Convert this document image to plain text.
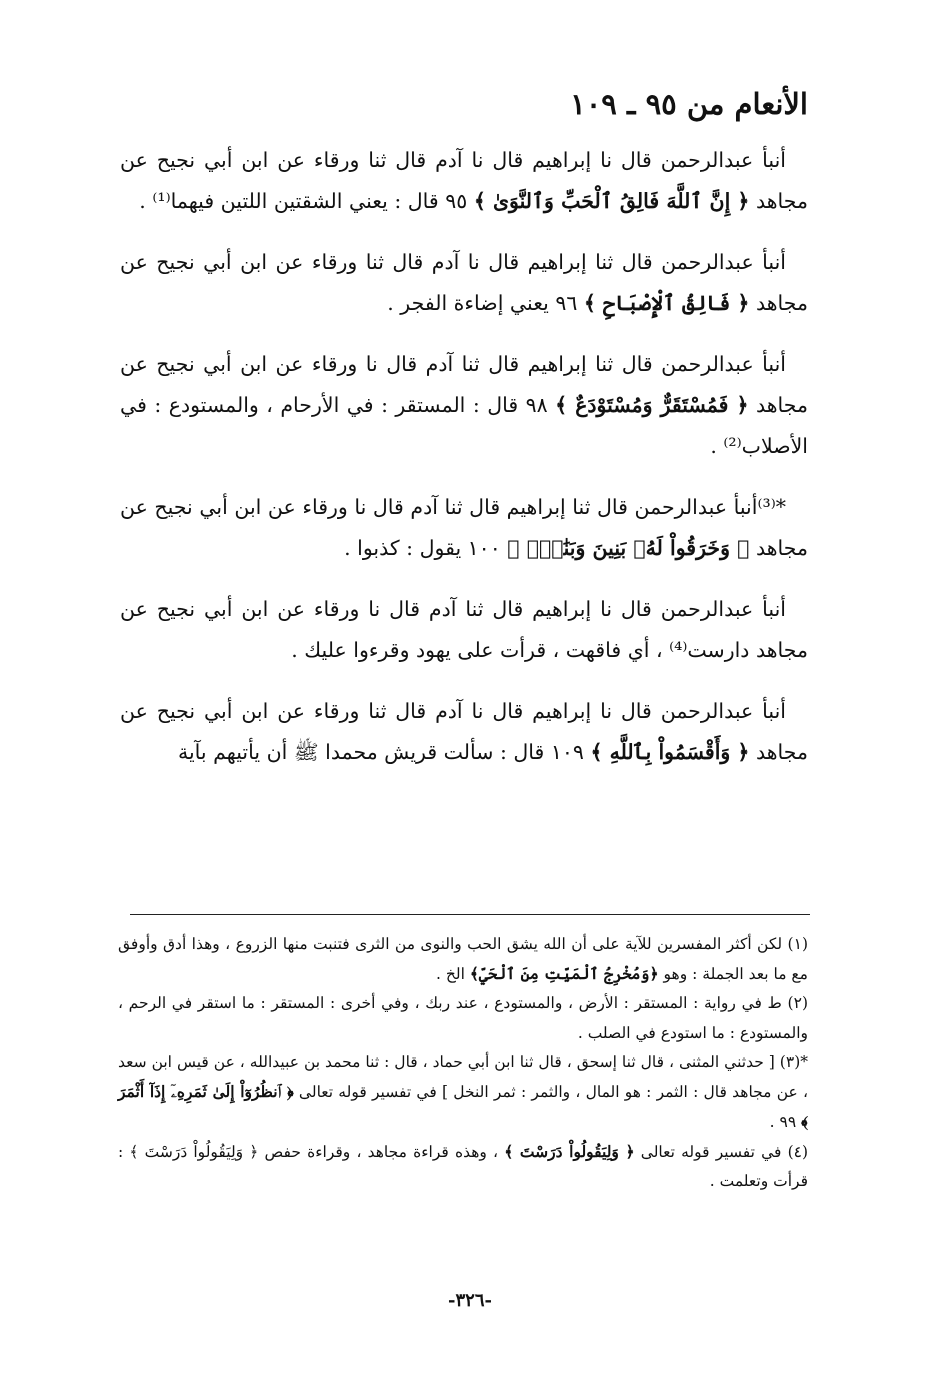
الأنعام من ٩٥ ـ ١٠٩

أنبأ عبدالرحمن قال نا إبراهيم قال نا آدم قال ثنا ورقاء عن ابن أبي نجيح عن مجاهد ﴿ إِنَّ ٱللَّهَ فَالِقُ ٱلْحَبِّ وَٱلنَّوَىٰ ﴾ ٩٥ قال : يعني الشقتين اللتين فيهما⁽¹⁾ .

أنبأ عبدالرحمن قال ثنا إبراهيم قال نا آدم قال ثنا ورقاء عن ابن أبي نجيح عن مجاهد ﴿ فَالِقُ ٱلْإِصْبَاحِ ﴾ ٩٦ يعني إضاءة الفجر .

أنبأ عبدالرحمن قال ثنا إبراهيم قال ثنا آدم قال نا ورقاء عن ابن أبي نجيح عن مجاهد ﴿ فَمُسْتَقَرٌّ وَمُسْتَوْدَعٌ ﴾ ٩٨ قال : المستقر : في الأرحام ، والمستودع : في الأصلاب⁽²⁾ .

*⁽³⁾أنبأ عبدالرحمن قال ثنا إبراهيم قال ثنا آدم قال نا ورقاء عن ابن أبي نجيح عن مجاهد ﴿ وَخَرَقُواْ لَهُۥ بَنِينَ وَبَنَٰتِۭ ﴾ ١٠٠ يقول : كذبوا .

أنبأ عبدالرحمن قال نا إبراهيم قال ثنا آدم قال نا ورقاء عن ابن أبي نجيح عن مجاهد دارست⁽⁴⁾ ، أي فاقهت ، قرأت على يهود وقرءوا عليك .

أنبأ عبدالرحمن قال نا إبراهيم قال نا آدم قال ثنا ورقاء عن ابن أبي نجيح عن مجاهد ﴿ وَأَقْسَمُواْ بِٱللَّهِ ﴾ ١٠٩ قال : سألت قريش محمدا ﷺ أن يأتيهم بآية

(١) لكن أكثر المفسرين للآية على أن الله يشق الحب والنوى من الثرى فتنبت منها الزروع ، وهذا أدق وأوفق مع ما بعد الجملة : وهو ﴿وَمُخْرِجُ ٱلْمَيِّتِ مِنَ ٱلْحَيِّ﴾ الخ .

(٢) ط في رواية : المستقر : الأرض ، والمستودع ، عند ربك ، وفي أخرى : المستقر : ما استقر في الرحم ، والمستودع : ما استودع في الصلب .

*(٣) [ حدثني المثنى ، قال ثنا إسحق ، قال ثنا ابن أبي حماد ، قال : ثنا محمد بن عبيدالله ، عن قيس ابن سعد ، عن مجاهد قال : الثمر : هو المال ، والثمر : ثمر النخل ] في تفسير قوله تعالى ﴿ ٱنظُرُوٓاْ إِلَىٰ ثَمَرِهِۦٓ إِذَآ أَثْمَرَ ﴾ ٩٩ .

(٤) في تفسير قوله تعالى ﴿ وَلِيَقُولُواْ دَرَسْتَ ﴾ ، وهذه قراءة مجاهد ، وقراءة حفص ﴿ وَلِيَقُولُواْ دَرَسْتَ ﴾ : قرأت وتعلمت .

-٣٢٦-
